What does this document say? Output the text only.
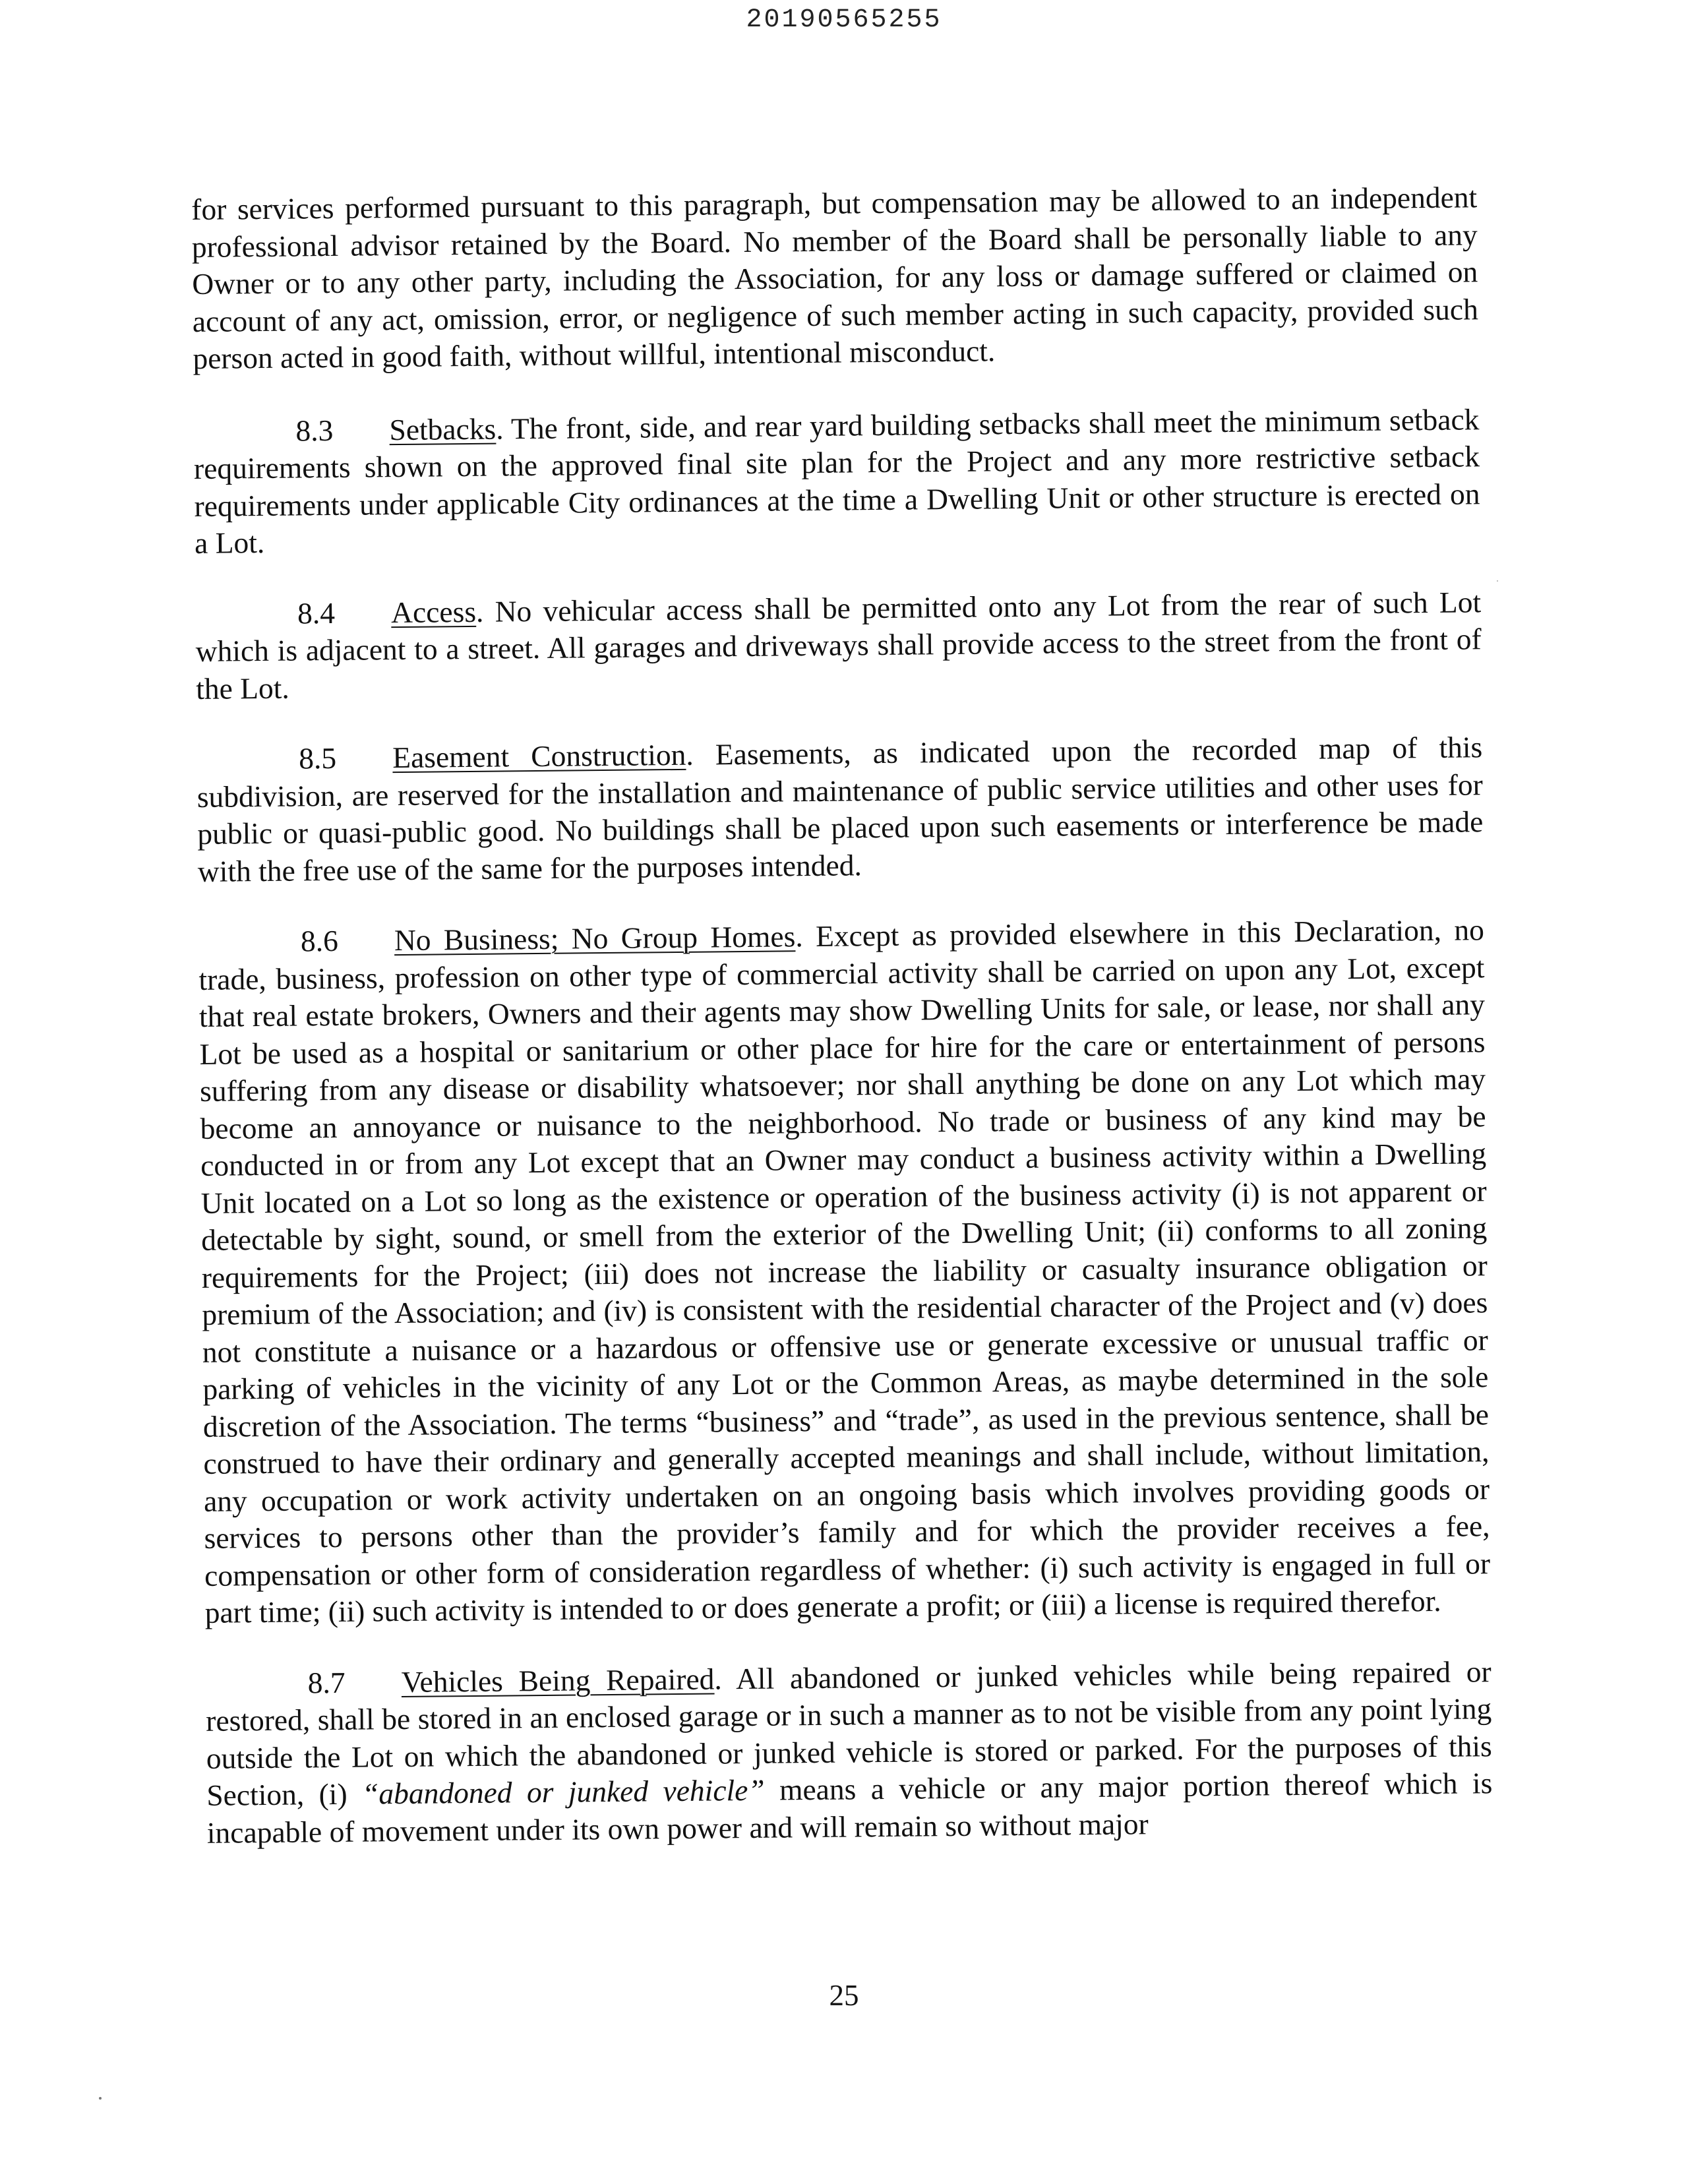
20190565255

for services performed pursuant to this paragraph, but compensation may be allowed to an independent professional advisor retained by the Board. No member of the Board shall be personally liable to any Owner or to any other party, including the Association, for any loss or damage suffered or claimed on account of any act, omission, error, or negligence of such member acting in such capacity, provided such person acted in good faith, without willful, intentional misconduct.

8.3 Setbacks. The front, side, and rear yard building setbacks shall meet the minimum setback requirements shown on the approved final site plan for the Project and any more restrictive setback requirements under applicable City ordinances at the time a Dwelling Unit or other structure is erected on a Lot.

8.4 Access. No vehicular access shall be permitted onto any Lot from the rear of such Lot which is adjacent to a street. All garages and driveways shall provide access to the street from the front of the Lot.

8.5 Easement Construction. Easements, as indicated upon the recorded map of this subdivision, are reserved for the installation and maintenance of public service utilities and other uses for public or quasi-public good. No buildings shall be placed upon such easements or interference be made with the free use of the same for the purposes intended.

8.6 No Business; No Group Homes. Except as provided elsewhere in this Declaration, no trade, business, profession on other type of commercial activity shall be carried on upon any Lot, except that real estate brokers, Owners and their agents may show Dwelling Units for sale, or lease, nor shall any Lot be used as a hospital or sanitarium or other place for hire for the care or entertainment of persons suffering from any disease or disability whatsoever; nor shall anything be done on any Lot which may become an annoyance or nuisance to the neighborhood. No trade or business of any kind may be conducted in or from any Lot except that an Owner may conduct a business activity within a Dwelling Unit located on a Lot so long as the existence or operation of the business activity (i) is not apparent or detectable by sight, sound, or smell from the exterior of the Dwelling Unit; (ii) conforms to all zoning requirements for the Project; (iii) does not increase the liability or casualty insurance obligation or premium of the Association; and (iv) is consistent with the residential character of the Project and (v) does not constitute a nuisance or a hazardous or offensive use or generate excessive or unusual traffic or parking of vehicles in the vicinity of any Lot or the Common Areas, as maybe determined in the sole discretion of the Association. The terms “business” and “trade”, as used in the previous sentence, shall be construed to have their ordinary and generally accepted meanings and shall include, without limitation, any occupation or work activity undertaken on an ongoing basis which involves providing goods or services to persons other than the provider’s family and for which the provider receives a fee, compensation or other form of consideration regardless of whether: (i) such activity is engaged in full or part time; (ii) such activity is intended to or does generate a profit; or (iii) a license is required therefor.

8.7 Vehicles Being Repaired. All abandoned or junked vehicles while being repaired or restored, shall be stored in an enclosed garage or in such a manner as to not be visible from any point lying outside the Lot on which the abandoned or junked vehicle is stored or parked. For the purposes of this Section, (i) “abandoned or junked vehicle” means a vehicle or any major portion thereof which is incapable of movement under its own power and will remain so without major

25
